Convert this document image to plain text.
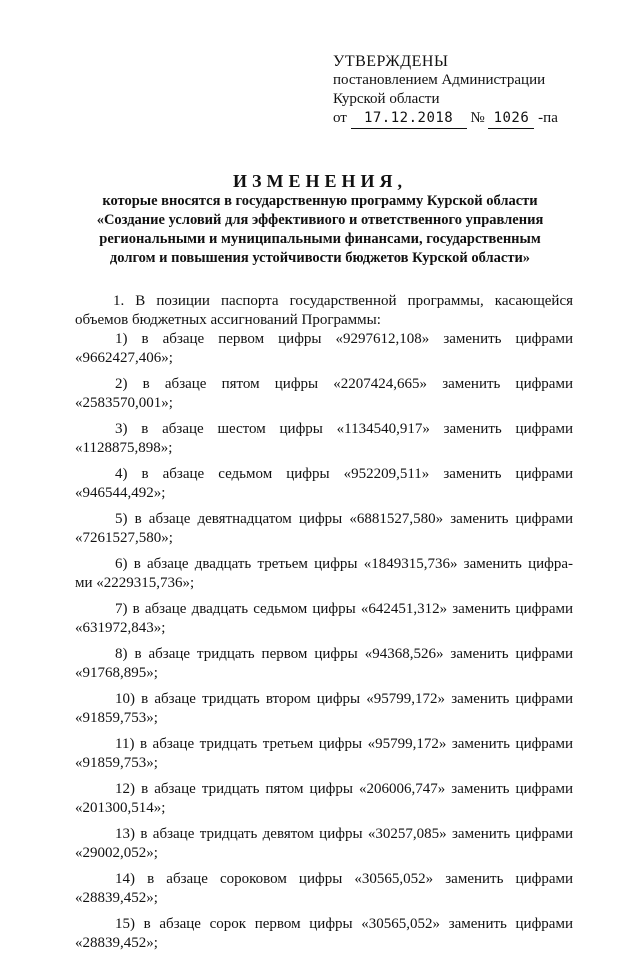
УТВЕРЖДЕНЫ
постановлением Администрации
Курской области
от 17.12.2018 № 1026 -па
ИЗМЕНЕНИЯ,
которые вносятся в государственную программу Курской области
«Создание условий для эффективиого и ответственного управления
региональными и муниципальными финансами, государственным
долгом и повышения устойчивости бюджетов Курской области»
1. В позиции паспорта государственной программы, касающейся
объемов бюджетных ассигнований Программы:
1) в абзаце первом цифры «9297612,108» заменить цифрами
«9662427,406»;
2) в абзаце пятом цифры «2207424,665» заменить цифрами
«2583570,001»;
3) в абзаце шестом цифры «1134540,917» заменить цифрами
«1128875,898»;
4) в абзаце седьмом цифры «952209,511» заменить цифрами
«946544,492»;
5) в абзаце девятнадцатом цифры «6881527,580» заменить цифрами
«7261527,580»;
6) в абзаце двадцать третьем цифры «1849315,736» заменить цифра-
ми «2229315,736»;
7) в абзаце двадцать седьмом цифры «642451,312» заменить цифрами
«631972,843»;
8) в абзаце тридцать первом цифры «94368,526» заменить цифрами
«91768,895»;
10) в абзаце тридцать втором цифры «95799,172» заменить цифрами
«91859,753»;
11) в абзаце тридцать третьем цифры «95799,172» заменить цифрами
«91859,753»;
12) в абзаце тридцать пятом цифры «206006,747» заменить цифрами
«201300,514»;
13) в абзаце тридцать девятом цифры «30257,085» заменить цифрами
«29002,052»;
14) в абзаце сороковом цифры «30565,052» заменить цифрами
«28839,452»;
15) в абзаце сорок первом цифры «30565,052» заменить цифрами
«28839,452»;
